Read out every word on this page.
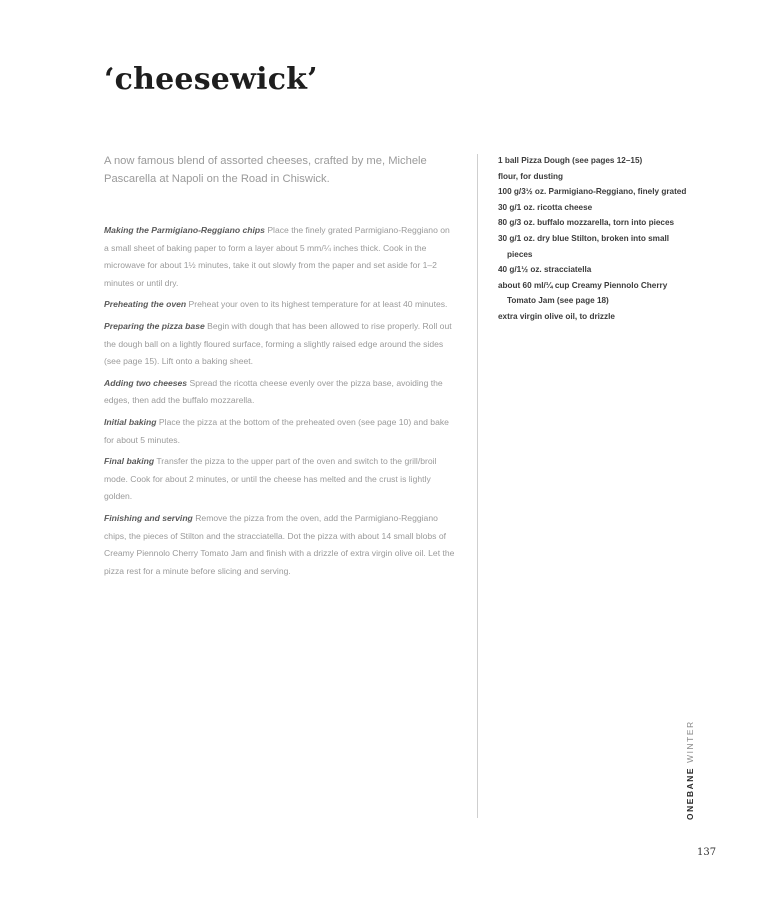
‘cheesewick’

A now famous blend of assorted cheeses, crafted by me, Michele Pascarella at Napoli on the Road in Chiswick.

Making the Parmigiano-Reggiano chips Place the finely grated Parmigiano-Reggiano on a small sheet of baking paper to form a layer about 5 mm/¼ inches thick. Cook in the microwave for about 1½ minutes, take it out slowly from the paper and set aside for 1–2 minutes or until dry.

Preheating the oven Preheat your oven to its highest temperature for at least 40 minutes.

Preparing the pizza base Begin with dough that has been allowed to rise properly. Roll out the dough ball on a lightly floured surface, forming a slightly raised edge around the sides (see page 15). Lift onto a baking sheet.

Adding two cheeses Spread the ricotta cheese evenly over the pizza base, avoiding the edges, then add the buffalo mozzarella.

Initial baking Place the pizza at the bottom of the preheated oven (see page 10) and bake for about 5 minutes.

Final baking Transfer the pizza to the upper part of the oven and switch to the grill/broil mode. Cook for about 2 minutes, or until the cheese has melted and the crust is lightly golden.

Finishing and serving Remove the pizza from the oven, add the Parmigiano-Reggiano chips, the pieces of Stilton and the stracciatella. Dot the pizza with about 14 small blobs of Creamy Piennolo Cherry Tomato Jam and finish with a drizzle of extra virgin olive oil. Let the pizza rest for a minute before slicing and serving.

1 ball Pizza Dough (see pages 12–15)
flour, for dusting
100 g/3½ oz. Parmigiano-Reggiano, finely grated
30 g/1 oz. ricotta cheese
80 g/3 oz. buffalo mozzarella, torn into pieces
30 g/1 oz. dry blue Stilton, broken into small pieces
40 g/1½ oz. stracciatella
about 60 ml/¼ cup Creamy Piennolo Cherry Tomato Jam (see page 18)
extra virgin olive oil, to drizzle
ONEBANEWINTER
137
